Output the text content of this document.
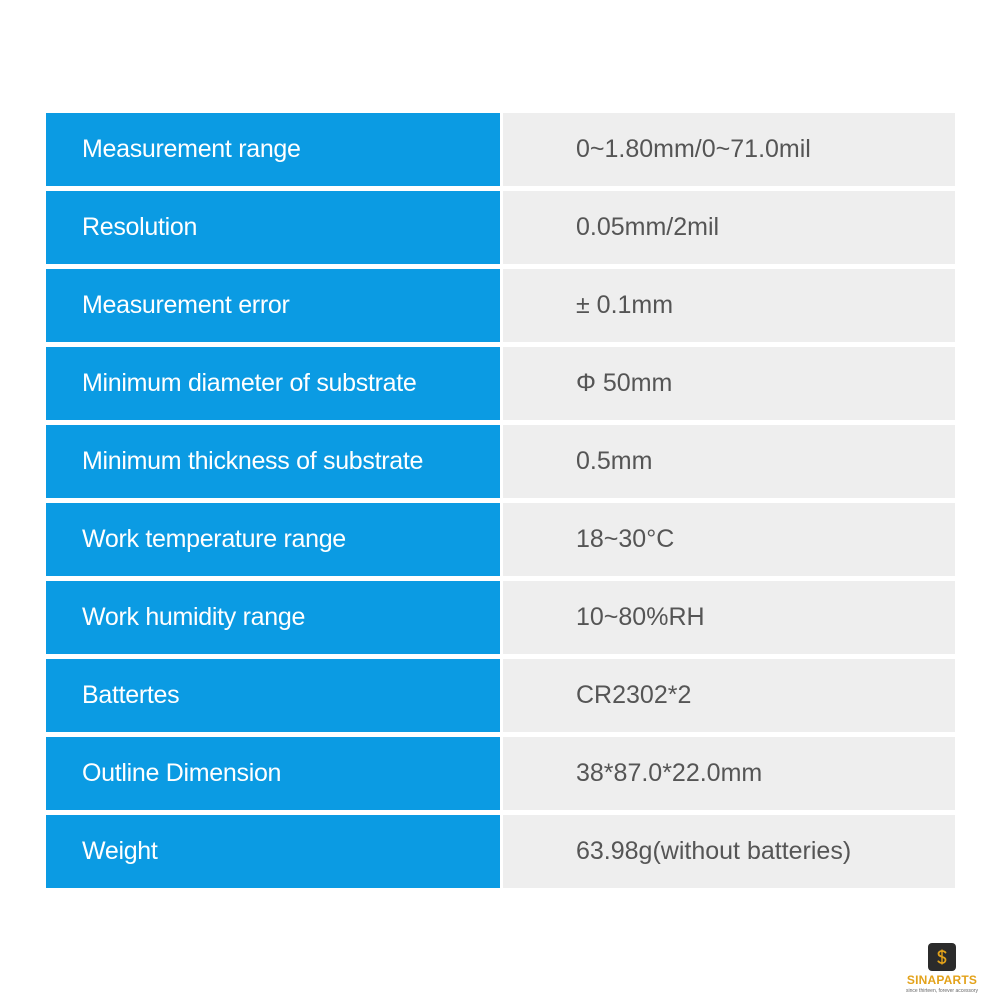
Measurement range	0~1.80mm/0~71.0mil
Resolution	0.05mm/2mil
Measurement error	± 0.1mm
Minimum diameter of substrate	Φ 50mm
Minimum thickness of substrate	0.5mm
Work temperature range	18~30°C
Work humidity range	10~80%RH
Battertes	CR2302*2
Outline Dimension	38*87.0*22.0mm
Weight	63.98g(without batteries)
SINAPARTS
since thirteen, forever accessory
